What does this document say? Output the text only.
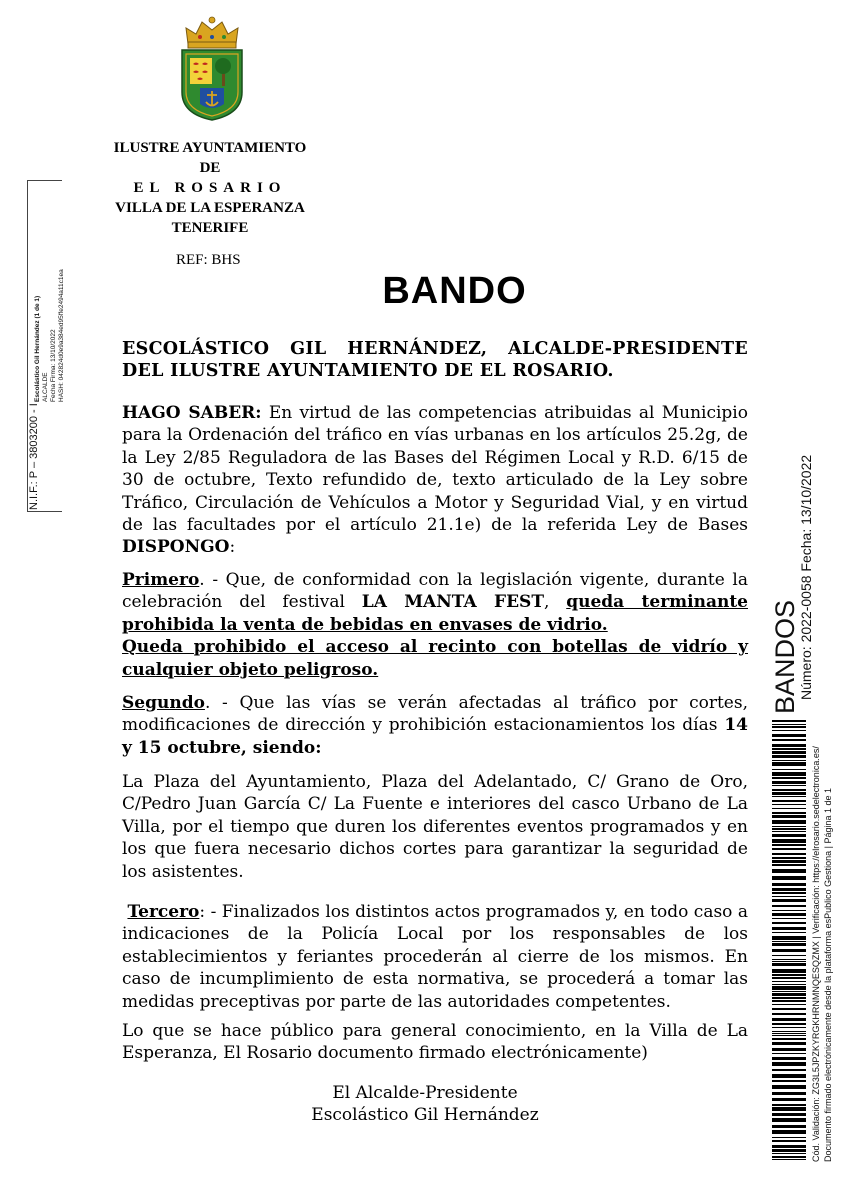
ILUSTRE AYUNTAMIENTO
DE
EL ROSARIO
VILLA DE LA ESPERANZA
TENERIFE
REF: BHS
BANDO
ESCOLÁSTICO GIL HERNÁNDEZ, ALCALDE-PRESIDENTE DEL ILUSTRE AYUNTAMIENTO DE EL ROSARIO.
HAGO SABER: En virtud de las competencias atribuidas al Municipio para la Ordenación del tráfico en vías urbanas en los artículos 25.2g, de la Ley 2/85 Reguladora de las Bases del Régimen Local y R.D. 6/15 de 30 de octubre, Texto refundido de, texto articulado de la Ley sobre Tráfico, Circulación de Vehículos a Motor y Seguridad Vial, y en virtud de las facultades por el artículo 21.1e) de la referida Ley de Bases DISPONGO:
Primero. - Que, de conformidad con la legislación vigente, durante la celebración del festival LA MANTA FEST, queda terminante prohibida la venta de bebidas en envases de vidrio.
Queda prohibido el acceso al recinto con botellas de vidrío y cualquier objeto peligroso.
Segundo. - Que las vías se verán afectadas al tráfico por cortes, modificaciones de dirección y prohibición estacionamientos los días 14 y 15 octubre, siendo:
La Plaza del Ayuntamiento, Plaza del Adelantado, C/ Grano de Oro, C/Pedro Juan García C/ La Fuente e interiores del casco Urbano de La Villa, por el tiempo que duren los diferentes eventos programados y en los que fuera necesario dichos cortes para garantizar la seguridad de los asistentes.
Tercero: - Finalizados los distintos actos programados y, en todo caso a indicaciones de la Policía Local por los responsables de los establecimientos y feriantes procederán al cierre de los mismos. En caso de incumplimiento de esta normativa, se procederá a tomar las medidas preceptivas por parte de las autoridades competentes.
Lo que se hace público para general conocimiento, en la Villa de La Esperanza, El Rosario documento firmado electrónicamente)
El Alcalde-Presidente
Escolástico Gil Hernández
N.I.F.: P – 3803200 - I
Escolástico Gil Hernández (1 de 1) ALCALDE Fecha Firma: 13/10/2022 HASH: 042824d0e9a384ed95ffe2494a11c1ea
BANDOS
Número: 2022-0058 Fecha: 13/10/2022
Cód. Validación: ZG3L5JPZKYRGKHRNMNQESQZMX | Verificación: https://elrosario.sedelectronica.es/ Documento firmado electrónicamente desde la plataforma esPublico Gestiona | Página 1 de 1
